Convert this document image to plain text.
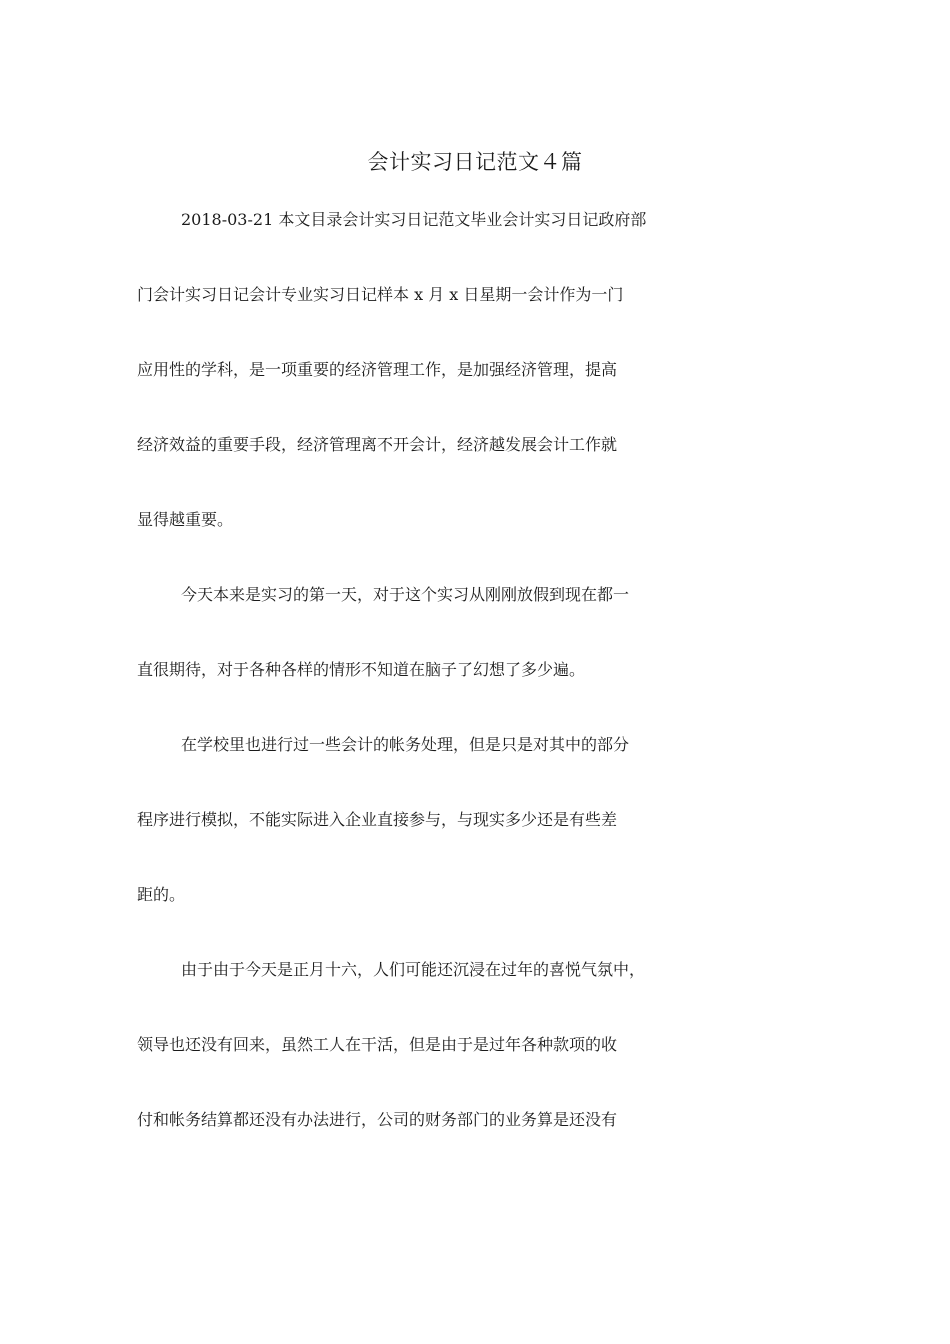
会计实习日记范文４篇
2018-03-21 本文目录会计实习日记范文毕业会计实习日记政府部
门会计实习日记会计专业实习日记样本 x 月 x 日星期一会计作为一门
应用性的学科，是一项重要的经济管理工作，是加强经济管理，提高
经济效益的重要手段，经济管理离不开会计，经济越发展会计工作就
显得越重要。
今天本来是实习的第一天，对于这个实习从刚刚放假到现在都一
直很期待，对于各种各样的情形不知道在脑子了幻想了多少遍。
在学校里也进行过一些会计的帐务处理，但是只是对其中的部分
程序进行模拟，不能实际进入企业直接参与，与现实多少还是有些差
距的。
由于由于今天是正月十六，人们可能还沉浸在过年的喜悦气氛中，
领导也还没有回来，虽然工人在干活，但是由于是过年各种款项的收
付和帐务结算都还没有办法进行，公司的财务部门的业务算是还没有
